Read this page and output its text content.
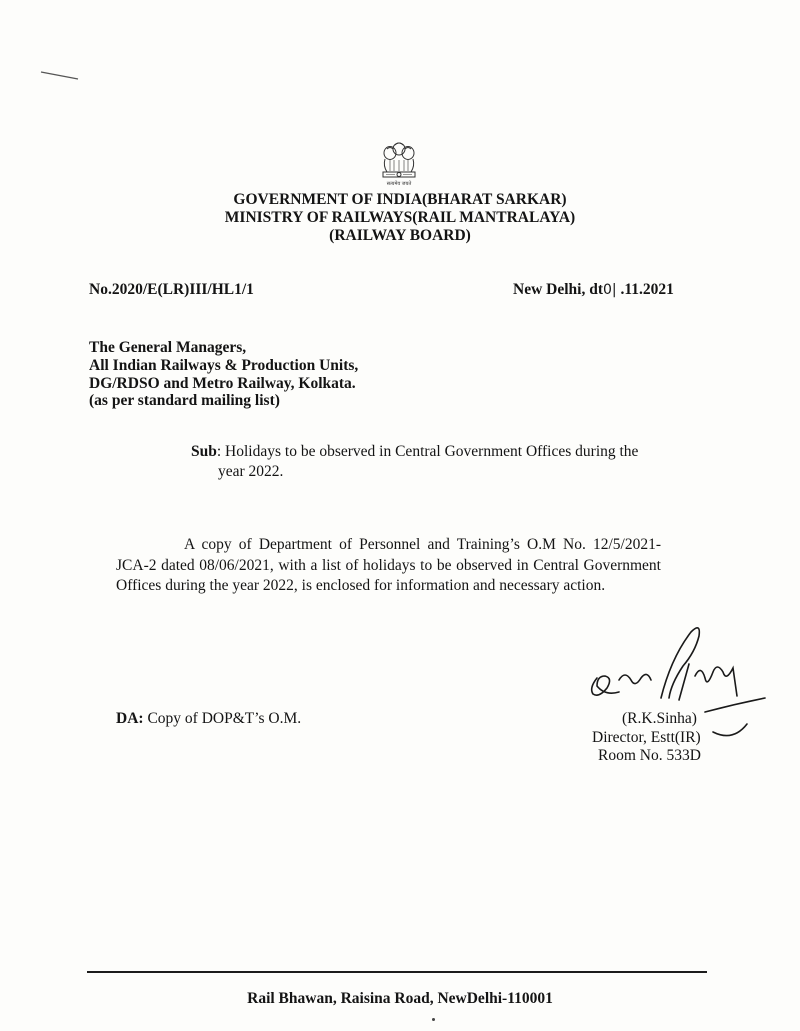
सत्यमेव जयते
GOVERNMENT OF INDIA(BHARAT SARKAR)
MINISTRY OF RAILWAYS(RAIL MANTRALAYA)
(RAILWAY BOARD)
No.2020/E(LR)III/HL1/1	New Delhi, dt0| .11.2021
The General Managers,
All Indian Railways & Production Units,
DG/RDSO and Metro Railway, Kolkata.
(as per standard mailing list)
Sub: Holidays to be observed in Central Government Offices during the
year 2022.
A copy of Department of Personnel and Training’s O.M No. 12/5/2021-JCA-2 dated 08/06/2021, with a list of holidays to be observed in Central Government Offices during the year 2022, is enclosed for information and necessary action.
DA: Copy of DOP&T’s O.M.	(R.K.Sinha)
Director, Estt(IR)
Room No. 533D
Rail Bhawan, Raisina Road, NewDelhi-110001
